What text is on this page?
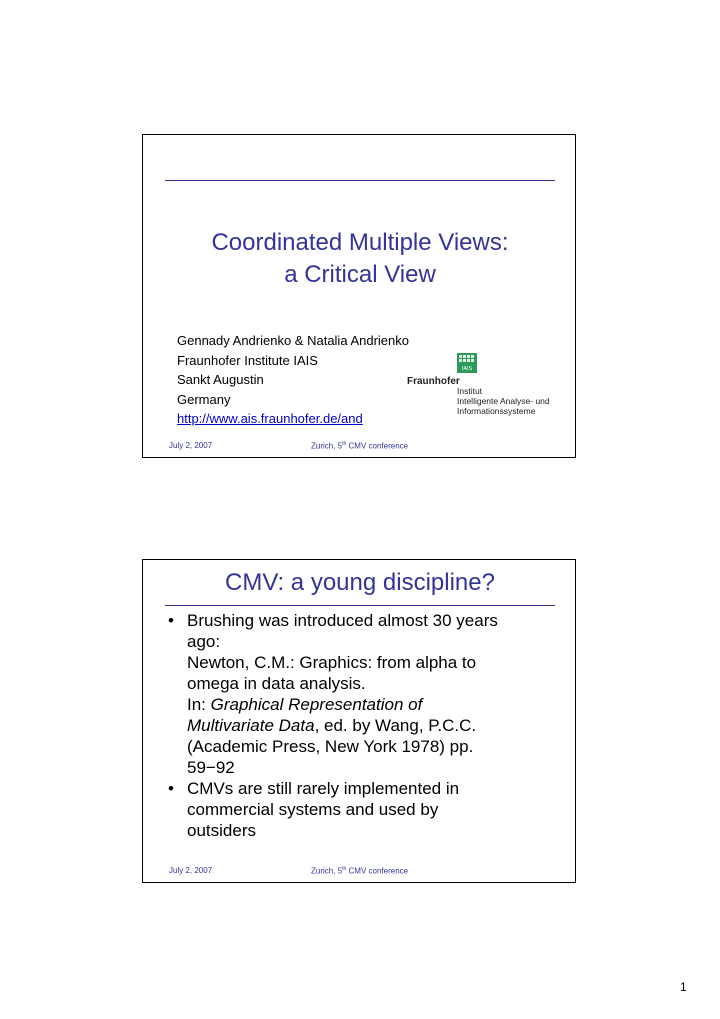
Coordinated Multiple Views:
a Critical View
Gennady Andrienko & Natalia Andrienko
Fraunhofer Institute IAIS
Sankt Augustin
Germany
http://www.ais.fraunhofer.de/and
IAIS
Fraunhofer
Institut
Intelligente Analyse- und
Informationssysteme
July 2, 2007	Zurich, 5th CMV conference
CMV: a young discipline?
• Brushing was introduced almost 30 years
ago:
Newton, C.M.: Graphics: from alpha to
omega in data analysis.
In: Graphical Representation of
Multivariate Data, ed. by Wang, P.C.C.
(Academic Press, New York 1978) pp.
59−92
• CMVs are still rarely implemented in
commercial systems and used by
outsiders
July 2, 2007	Zurich, 5th CMV conference
1
